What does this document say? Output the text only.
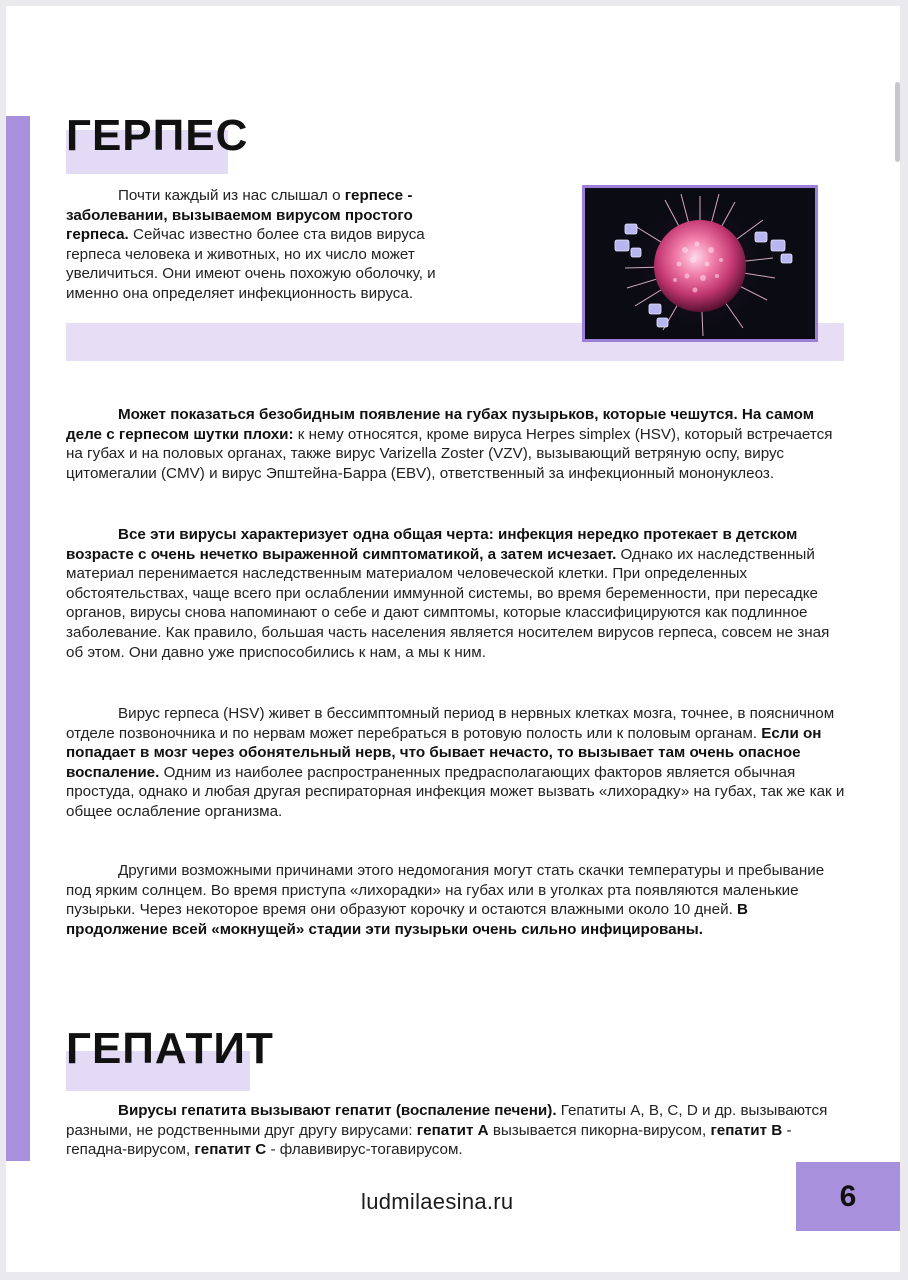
ГЕРПЕС

Почти каждый из нас слышал о герпесе - заболевании, вызываемом вирусом простого герпеса. Сейчас известно более ста видов вируса герпеса человека и животных, но их число может увеличиться. Они имеют очень похожую оболочку, и именно она определяет инфекционность вируса.

Может показаться безобидным появление на губах пузырьков, которые чешутся. На самом деле с герпесом шутки плохи: к нему относятся, кроме вируса Herpes simplex (HSV), который встречается на губах и на половых органах, также вирус Varizella Zoster (VZV), вызывающий ветряную оспу, вирус цитомегалии (CMV) и вирус Эпштейна-Барра (EBV), ответственный за инфекционный мононуклеоз.

Все эти вирусы характеризует одна общая черта: инфекция нередко протекает в детском возрасте с очень нечетко выраженной симптоматикой, а затем исчезает. Однако их наследственный материал перенимается наследственным материалом человеческой клетки. При определенных обстоятельствах, чаще всего при ослаблении иммунной системы, во время беременности, при пересадке органов, вирусы снова напоминают о себе и дают симптомы, которые классифицируются как подлинное заболевание. Как правило, большая часть населения является носителем вирусов герпеса, совсем не зная об этом. Они давно уже приспособились к нам, а мы к ним.

Вирус герпеса (HSV) живет в бессимптомный период в нервных клетках мозга, точнее, в поясничном отделе позвоночника и по нервам может перебраться в ротовую полость или к половым органам. Если он попадает в мозг через обонятельный нерв, что бывает нечасто, то вызывает там очень опасное воспаление. Одним из наиболее распространенных предрасполагающих факторов является обычная простуда, однако и любая другая респираторная инфекция может вызвать «лихорадку» на губах, так же как и общее ослабление организма.

Другими возможными причинами этого недомогания могут стать скачки температуры и пребывание под ярким солнцем. Во время приступа «лихорадки» на губах или в уголках рта появляются маленькие пузырьки. Через некоторое время они образуют корочку и остаются влажными около 10 дней. В продолжение всей «мокнущей» стадии эти пузырьки очень сильно инфицированы.

ГЕПАТИТ

Вирусы гепатита вызывают гепатит (воспаление печени). Гепатиты A, B, C, D и др. вызываются разными, не родственными друг другу вирусами: гепатит А вызывается пикорна-вирусом, гепатит B - гепадна-вирусом, гепатит C - флавивирус-тогавирусом.

ludmilaesina.ru	6
